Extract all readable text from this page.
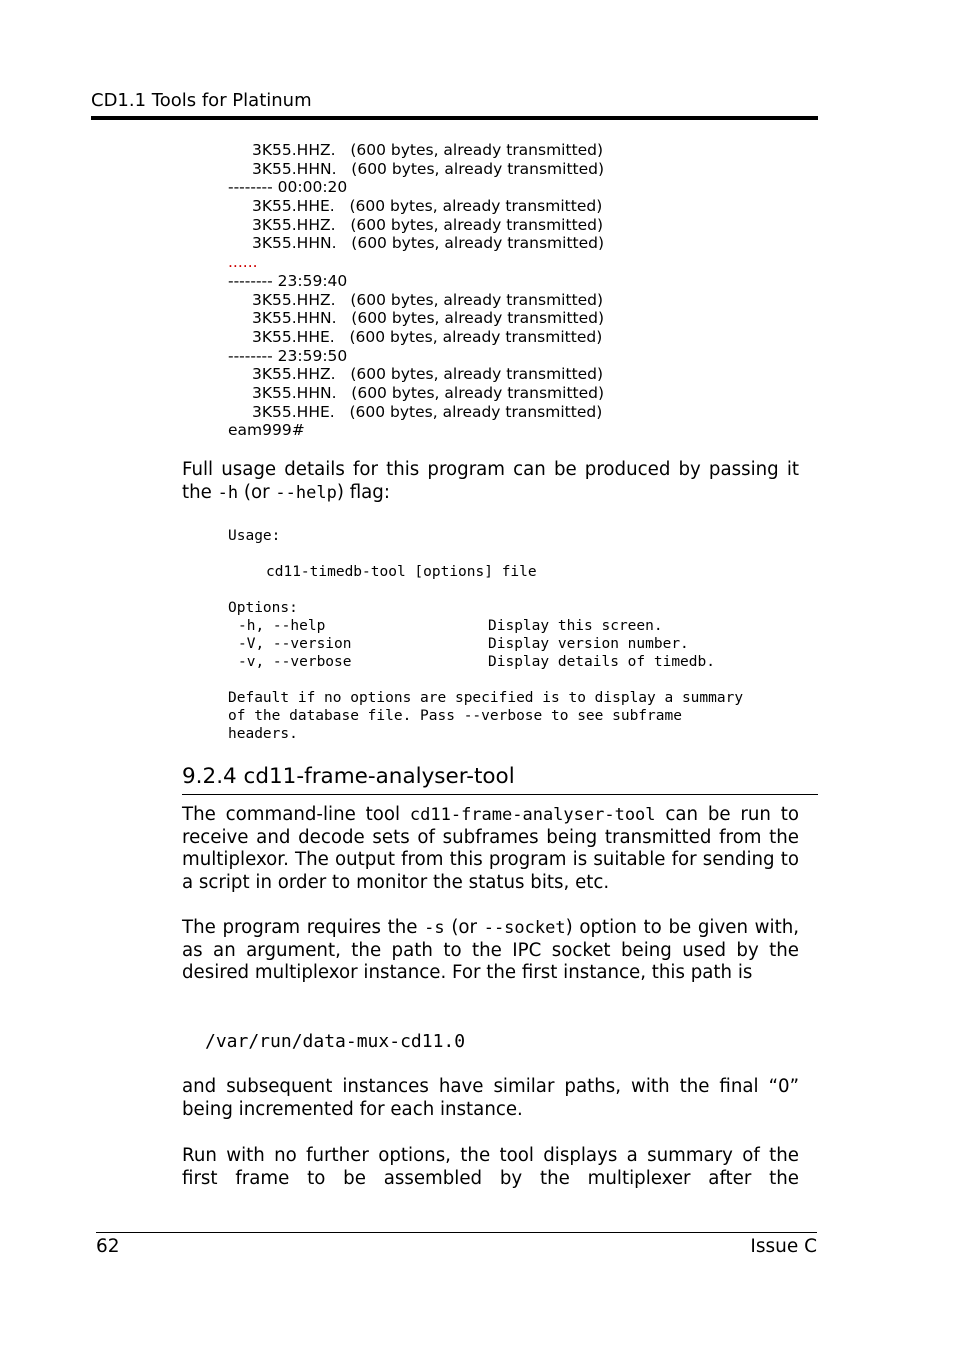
CD1.1 Tools for Platinum
3K55.HHZ.   (600 bytes, already transmitted)
3K55.HHN.   (600 bytes, already transmitted)
-------- 00:00:20
3K55.HHE.   (600 bytes, already transmitted)
3K55.HHZ.   (600 bytes, already transmitted)
3K55.HHN.   (600 bytes, already transmitted)
......
-------- 23:59:40
3K55.HHZ.   (600 bytes, already transmitted)
3K55.HHN.   (600 bytes, already transmitted)
3K55.HHE.   (600 bytes, already transmitted)
-------- 23:59:50
3K55.HHZ.   (600 bytes, already transmitted)
3K55.HHN.   (600 bytes, already transmitted)
3K55.HHE.   (600 bytes, already transmitted)
eam999#
Full usage details for this program can be produced by passing it the -h (or --help) flag:
Usage:
cd11-timedb-tool [options] file
Options:
-h, --help	Display this screen.
-V, --version	Display version number.
-v, --verbose	Display details of timedb.
Default if no options are specified is to display a summary
of the database file. Pass --verbose to see subframe
headers.
9.2.4 cd11-frame-analyser-tool
The command-line tool cd11-frame-analyser-tool can be run to receive and decode sets of subframes being transmitted from the multiplexor. The output from this program is suitable for sending to a script in order to monitor the status bits, etc.
The program requires the -s (or --socket) option to be given with, as an argument, the path to the IPC socket being used by the desired multiplexor instance. For the first instance, this path is
/var/run/data-mux-cd11.0
and subsequent instances have similar paths, with the final “0” being incremented for each instance.
Run with no further options, the tool displays a summary of the first frame to be assembled by the multiplexer after the
62	Issue C
